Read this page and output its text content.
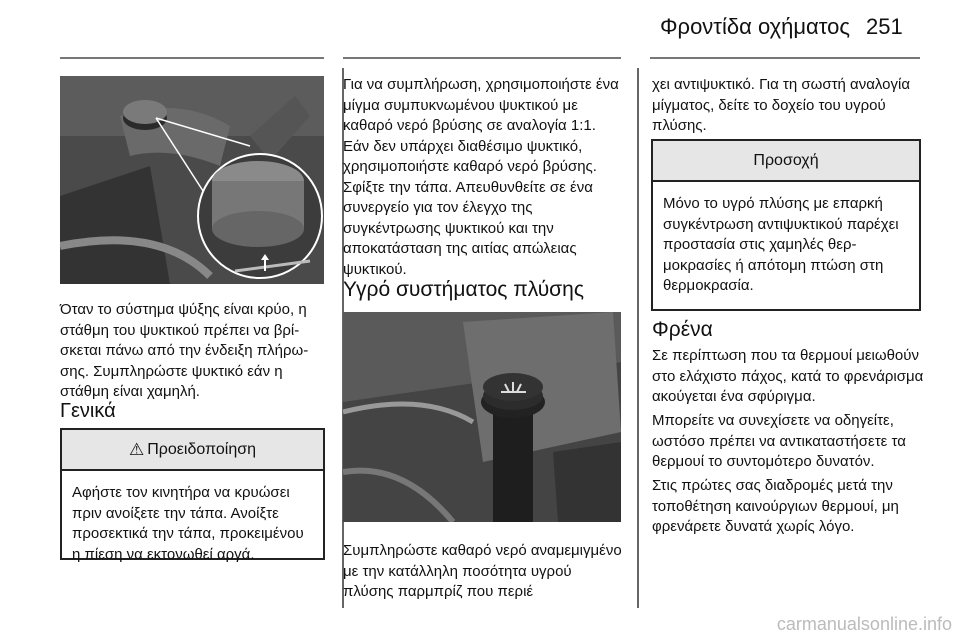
Φροντίδα οχήματος 251

Όταν το σύστημα ψύξης είναι κρύο, η στάθμη του ψυκτικού πρέπει να βρίσκεται πάνω από την ένδειξη πλήρωσης. Συμπληρώστε ψυκτικό εάν η στάθμη είναι χαμηλή.

Γενικά
⚠ Προειδοποίηση
Αφήστε τον κινητήρα να κρυώσει πριν ανοίξετε την τάπα. Ανοίξτε προσεκτικά την τάπα, προκειμένου η πίεση να εκτονωθεί αργά.

Για να συμπλήρωση, χρησιμοποιήστε ένα μίγμα συμπυκνωμένου ψυκτικού με καθαρό νερό βρύσης σε αναλογία 1:1. Εάν δεν υπάρχει διαθέσιμο ψυκτικό, χρησιμοποιήστε καθαρό νερό βρύσης. Σφίξτε την τάπα. Απευθυνθείτε σε ένα συνεργείο για τον έλεγχο της συγκέντρωσης ψυκτικού και την αποκατάσταση της αιτίας απώλειας ψυκτικού.

Υγρό συστήματος πλύσης

Συμπληρώστε καθαρό νερό αναμεμιγμένο με την κατάλληλη ποσότητα υγρού πλύσης παρμπρίζ που περιέ

χει αντιψυκτικό. Για τη σωστή αναλογία μίγματος, δείτε το δοχείο του υγρού πλύσης.

Προσοχή
Μόνο το υγρό πλύσης με επαρκή συγκέντρωση αντιψυκτικού παρέχει προστασία στις χαμηλές θερμοκρασίες ή απότομη πτώση στη θερμοκρασία.
Φρένα

Σε περίπτωση που τα θερμουί μειωθούν στο ελάχιστο πάχος, κατά το φρενάρισμα ακούγεται ένα σφύριγμα.

Μπορείτε να συνεχίσετε να οδηγείτε, ωστόσο πρέπει να αντικαταστήσετε τα θερμουί το συντομότερο δυνατόν.

Στις πρώτες σας διαδρομές μετά την τοποθέτηση καινούργιων θερμουί, μη φρενάρετε δυνατά χωρίς λόγο.

carmanualsonline.info
